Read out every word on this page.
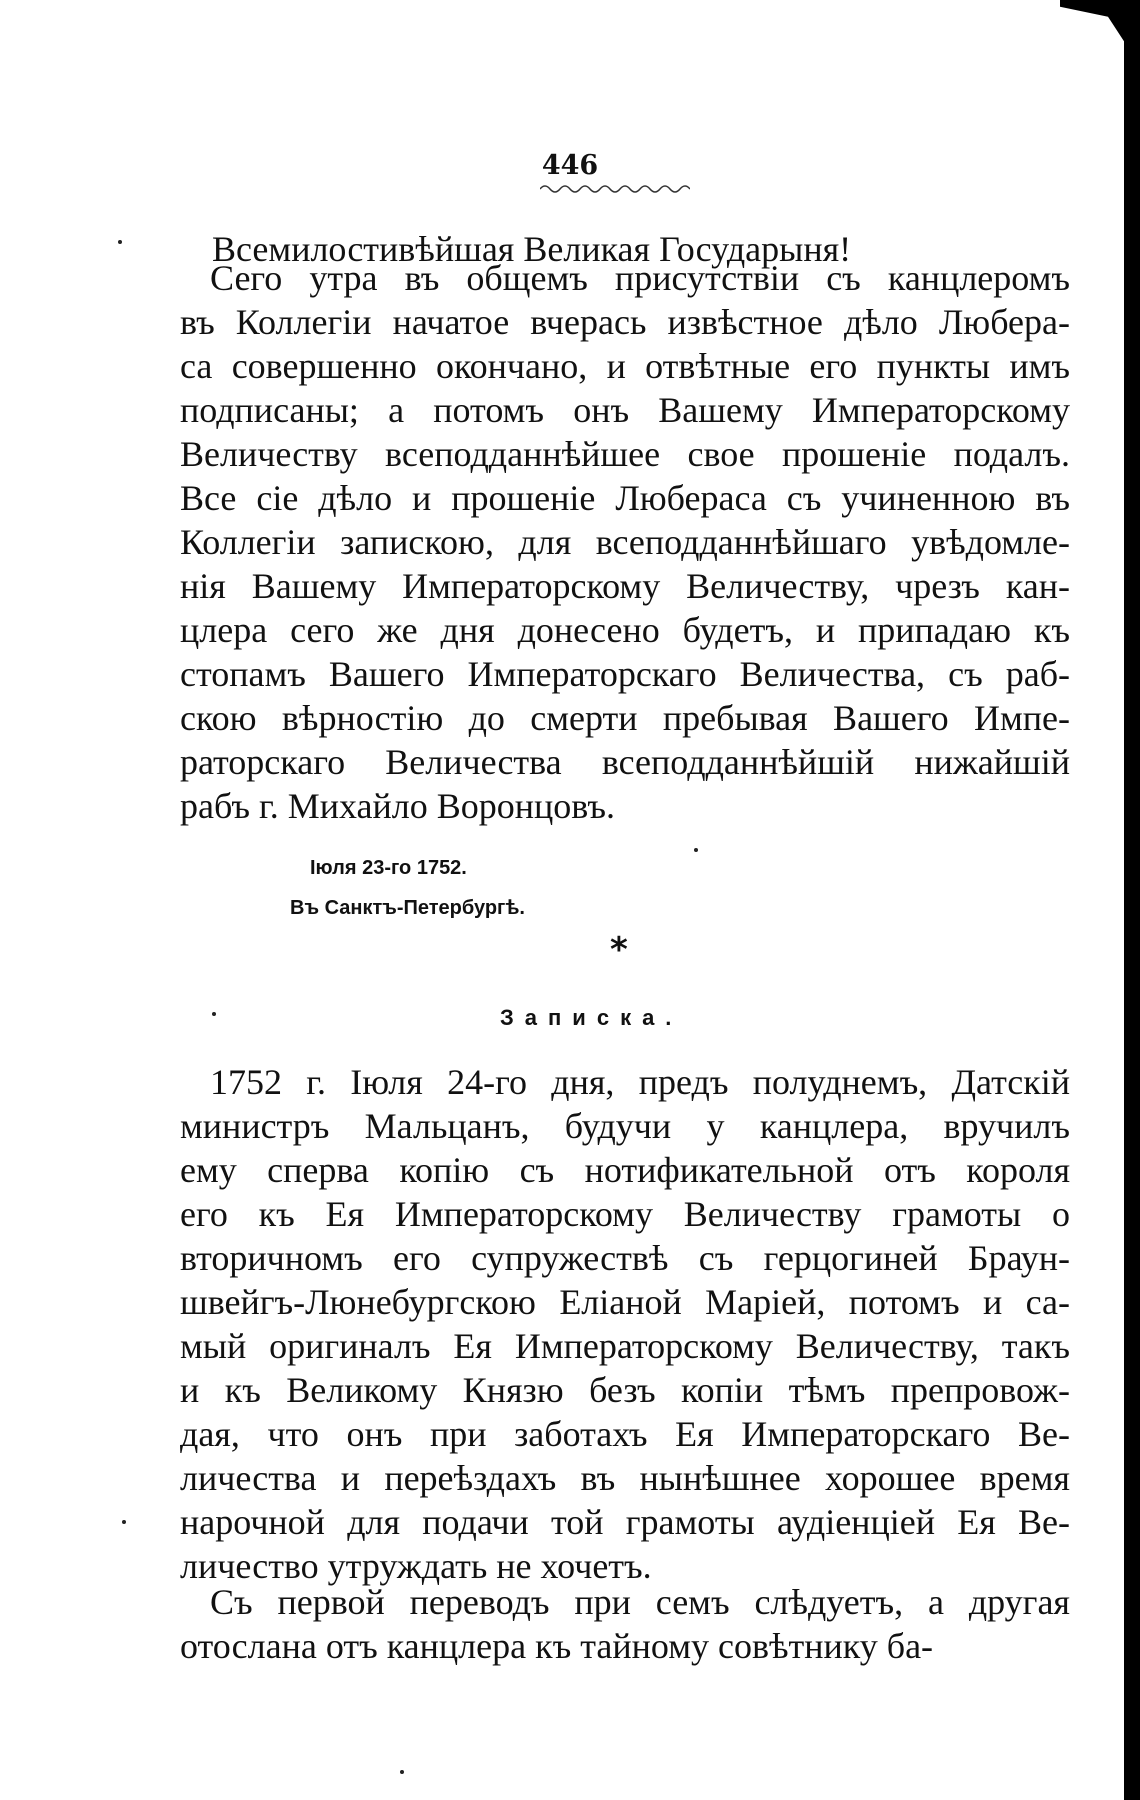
446
Всемилостивѣйшая Великая Государыня!
Сего утра въ общемъ присутствіи съ канцлеромъ
въ Коллегіи начатое вчерась извѣстное дѣло Любера-
са совершенно окончано, и отвѣтные его пункты имъ
подписаны; а потомъ онъ Вашему Императорскому
Величеству всеподданнѣйшее свое прошеніе подалъ.
Все сіе дѣло и прошеніе Любераса съ учиненною въ
Коллегіи запискою, для всеподданнѣйшаго увѣдомле-
нія Вашему Императорскому Величеству, чрезъ кан-
цлера сего же дня донесено будетъ, и припадаю къ
стопамъ Вашего Императорскаго Величества, съ раб-
скою вѣрностію до смерти пребывая Вашего Импе-
раторскаго Величества всеподданнѣйшій нижайшій
рабъ г. Михайло Воронцовъ.
Іюля 23-го 1752.
Въ Санктъ-Петербургѣ.
*
Записка.
1752 г. Іюля 24-го дня, предъ полуднемъ, Датскій
министръ Мальцанъ, будучи у канцлера, вручилъ
ему сперва копію съ нотификательной отъ короля
его къ Ея Императорскому Величеству грамоты о
вторичномъ его супружествѣ съ герцогиней Браун-
швейгъ-Люнебургскою Еліаной Маріей, потомъ и са-
мый оригиналъ Ея Императорскому Величеству, такъ
и къ Великому Князю безъ копіи тѣмъ препровож-
дая, что онъ при заботахъ Ея Императорскаго Ве-
личества и переѣздахъ въ нынѣшнее хорошее время
нарочной для подачи той грамоты аудіенціей Ея Ве-
личество утруждать не хочетъ.
Съ первой переводъ при семъ слѣдуетъ, а другая
отослана отъ канцлера къ тайному совѣтнику ба-
